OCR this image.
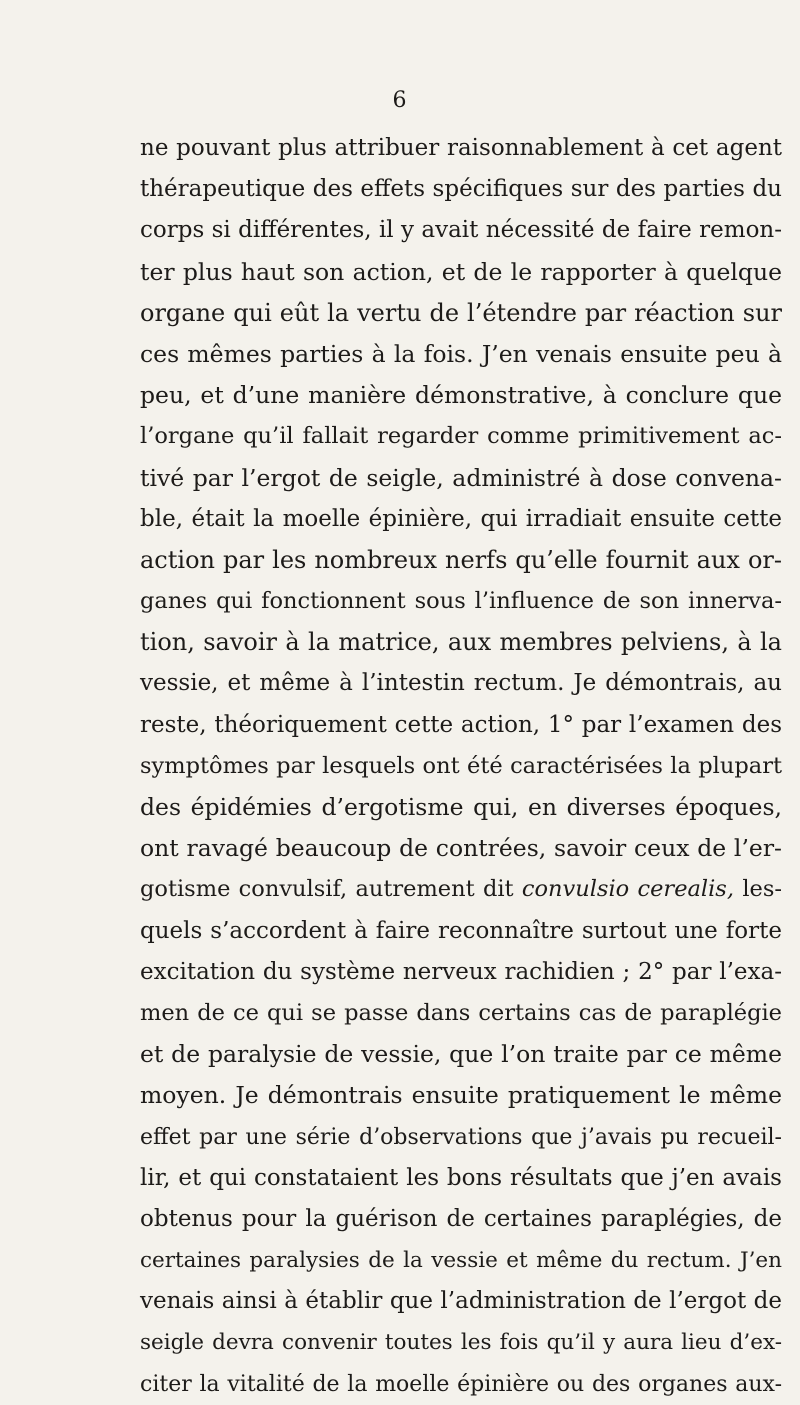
6
ne pouvant plus attribuer raisonnablement à cet agent
thérapeutique des effets spécifiques sur des parties du
corps si différentes, il y avait nécessité de faire remon-
ter plus haut son action, et de le rapporter à quelque
organe qui eût la vertu de l’étendre par réaction sur
ces mêmes parties à la fois. J’en venais ensuite peu à
peu, et d’une manière démonstrative, à conclure que
l’organe qu’il fallait regarder comme primitivement ac-
tivé par l’ergot de seigle, administré à dose convena-
ble, était la moelle épinière, qui irradiait ensuite cette
action par les nombreux nerfs qu’elle fournit aux or-
ganes qui fonctionnent sous l’influence de son innerva-
tion, savoir à la matrice, aux membres pelviens, à la
vessie, et même à l’intestin rectum. Je démontrais, au
reste, théoriquement cette action, 1° par l’examen des
symptômes par lesquels ont été caractérisées la plupart
des épidémies d’ergotisme qui, en diverses époques,
ont ravagé beaucoup de contrées, savoir ceux de l’er-
gotisme convulsif, autrement dit convulsio cerealis, les-
quels s’accordent à faire reconnaître surtout une forte
excitation du système nerveux rachidien ; 2° par l’exa-
men de ce qui se passe dans certains cas de paraplégie
et de paralysie de vessie, que l’on traite par ce même
moyen. Je démontrais ensuite pratiquement le même
effet par une série d’observations que j’avais pu recueil-
lir, et qui constataient les bons résultats que j’en avais
obtenus pour la guérison de certaines paraplégies, de
certaines paralysies de la vessie et même du rectum. J’en
venais ainsi à établir que l’administration de l’ergot de
seigle devra convenir toutes les fois qu’il y aura lieu d’ex-
citer la vitalité de la moelle épinière ou des organes aux-
